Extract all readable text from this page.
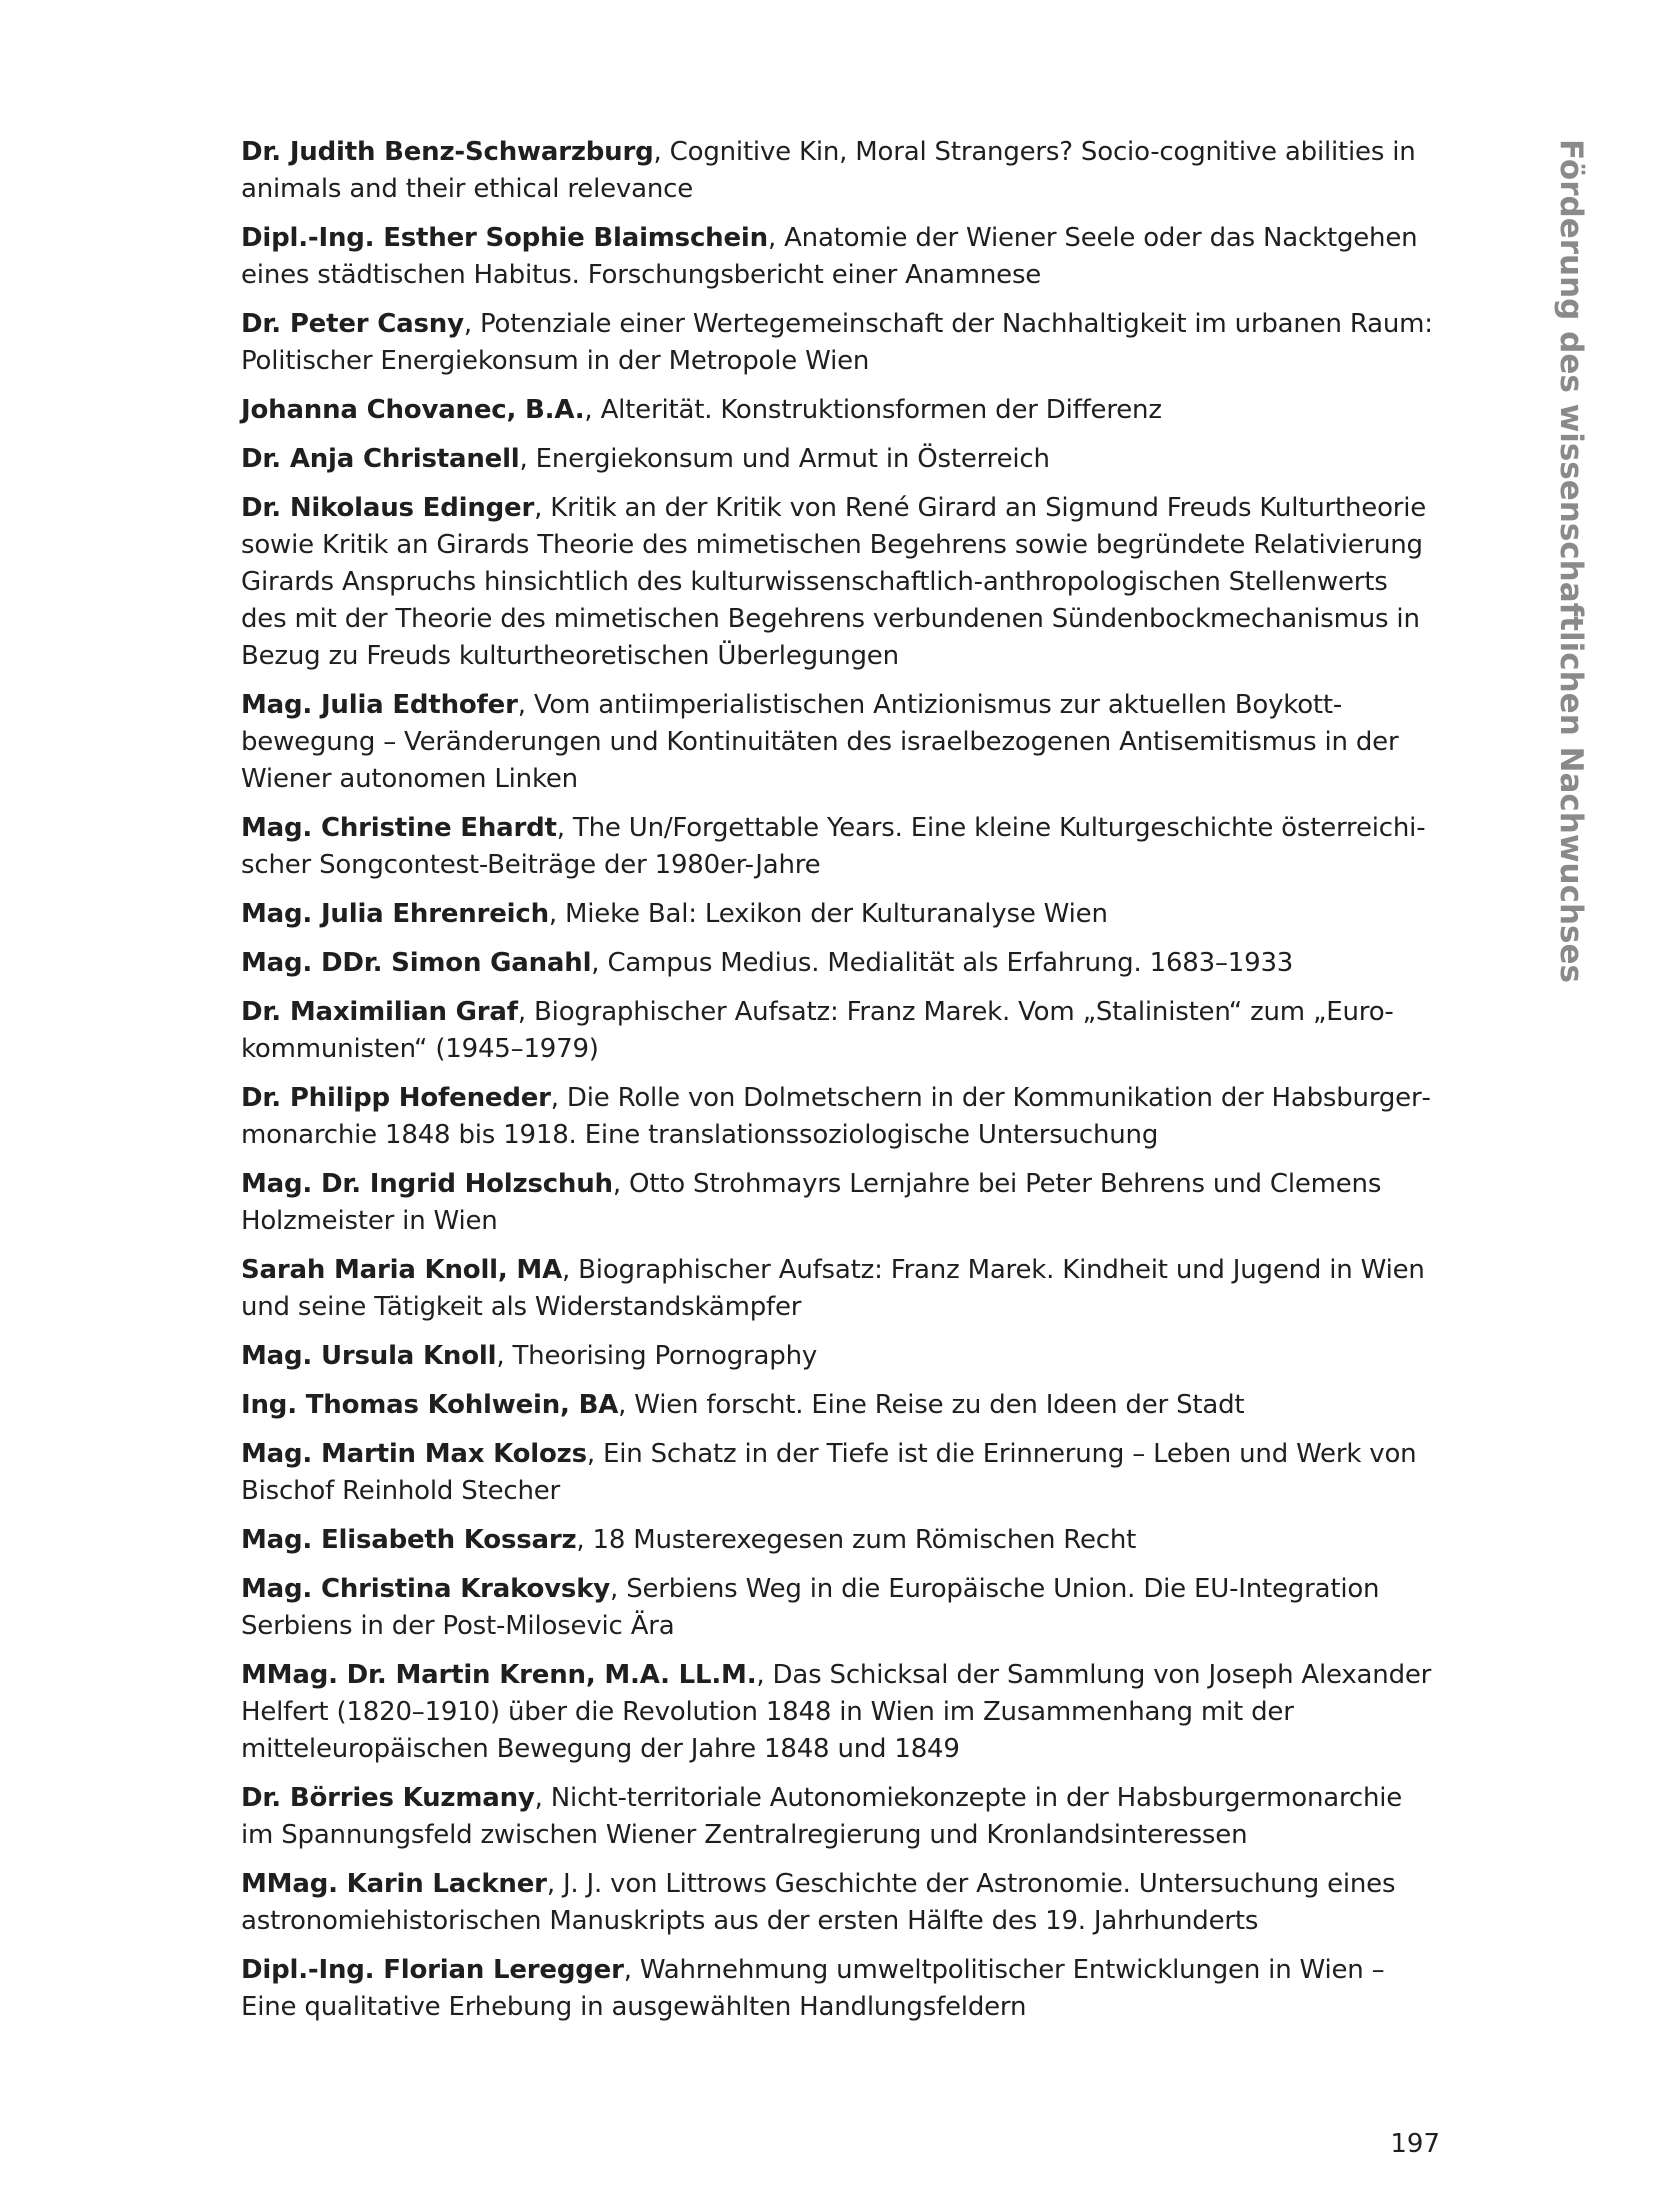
Dr. Judith Benz-Schwarzburg, Cognitive Kin, Moral Strangers? Socio-cognitive abilities in animals and their ethical relevance

Dipl.-Ing. Esther Sophie Blaimschein, Anatomie der Wiener Seele oder das Nacktgehen eines städtischen Habitus. Forschungsbericht einer Anamnese

Dr. Peter Casny, Potenziale einer Wertegemeinschaft der Nachhaltigkeit im urbanen Raum: Politischer Energiekonsum in der Metropole Wien

Johanna Chovanec, B.A., Alterität. Konstruktionsformen der Differenz

Dr. Anja Christanell, Energiekonsum und Armut in Österreich

Dr. Nikolaus Edinger, Kritik an der Kritik von René Girard an Sigmund Freuds Kulturtheorie sowie Kritik an Girards Theorie des mimetischen Begehrens sowie begründete Relativierung Girards Anspruchs hinsichtlich des kulturwissenschaftlich-anthropologischen Stellenwerts des mit der Theorie des mimetischen Begehrens verbundenen Sündenbockmechanismus in Bezug zu Freuds kulturtheoretischen Überlegungen

Mag. Julia Edthofer, Vom antiimperialistischen Antizionismus zur aktuellen Boykottbewegung – Veränderungen und Kontinuitäten des israelbezogenen Antisemitismus in der Wiener autonomen Linken

Mag. Christine Ehardt, The Un/Forgettable Years. Eine kleine Kulturgeschichte österreichischer Songcontest-Beiträge der 1980er-Jahre

Mag. Julia Ehrenreich, Mieke Bal: Lexikon der Kulturanalyse Wien

Mag. DDr. Simon Ganahl, Campus Medius. Medialität als Erfahrung. 1683–1933

Dr. Maximilian Graf, Biographischer Aufsatz: Franz Marek. Vom „Stalinisten“ zum „Eurokommunisten“ (1945–1979)

Dr. Philipp Hofeneder, Die Rolle von Dolmetschern in der Kommunikation der Habsburgermonarchie 1848 bis 1918. Eine translationssoziologische Untersuchung

Mag. Dr. Ingrid Holzschuh, Otto Strohmayrs Lernjahre bei Peter Behrens und Clemens Holzmeister in Wien

Sarah Maria Knoll, MA, Biographischer Aufsatz: Franz Marek. Kindheit und Jugend in Wien und seine Tätigkeit als Widerstandskämpfer

Mag. Ursula Knoll, Theorising Pornography

Ing. Thomas Kohlwein, BA, Wien forscht. Eine Reise zu den Ideen der Stadt

Mag. Martin Max Kolozs, Ein Schatz in der Tiefe ist die Erinnerung – Leben und Werk von Bischof Reinhold Stecher

Mag. Elisabeth Kossarz, 18 Musterexegesen zum Römischen Recht

Mag. Christina Krakovsky, Serbiens Weg in die Europäische Union. Die EU-Integration Serbiens in der Post-Milosevic Ära

MMag. Dr. Martin Krenn, M.A. LL.M., Das Schicksal der Sammlung von Joseph Alexander Helfert (1820–1910) über die Revolution 1848 in Wien im Zusammenhang mit der mitteleuropäischen Bewegung der Jahre 1848 und 1849

Dr. Börries Kuzmany, Nicht-territoriale Autonomiekonzepte in der Habsburgermonarchie im Spannungsfeld zwischen Wiener Zentralregierung und Kronlandsinteressen

MMag. Karin Lackner, J. J. von Littrows Geschichte der Astronomie. Untersuchung eines astronomiehistorischen Manuskripts aus der ersten Hälfte des 19. Jahrhunderts

Dipl.-Ing. Florian Leregger, Wahrnehmung umweltpolitischer Entwicklungen in Wien – Eine qualitative Erhebung in ausgewählten Handlungsfeldern

Förderung des wissenschaftlichen Nachwuchses
197
